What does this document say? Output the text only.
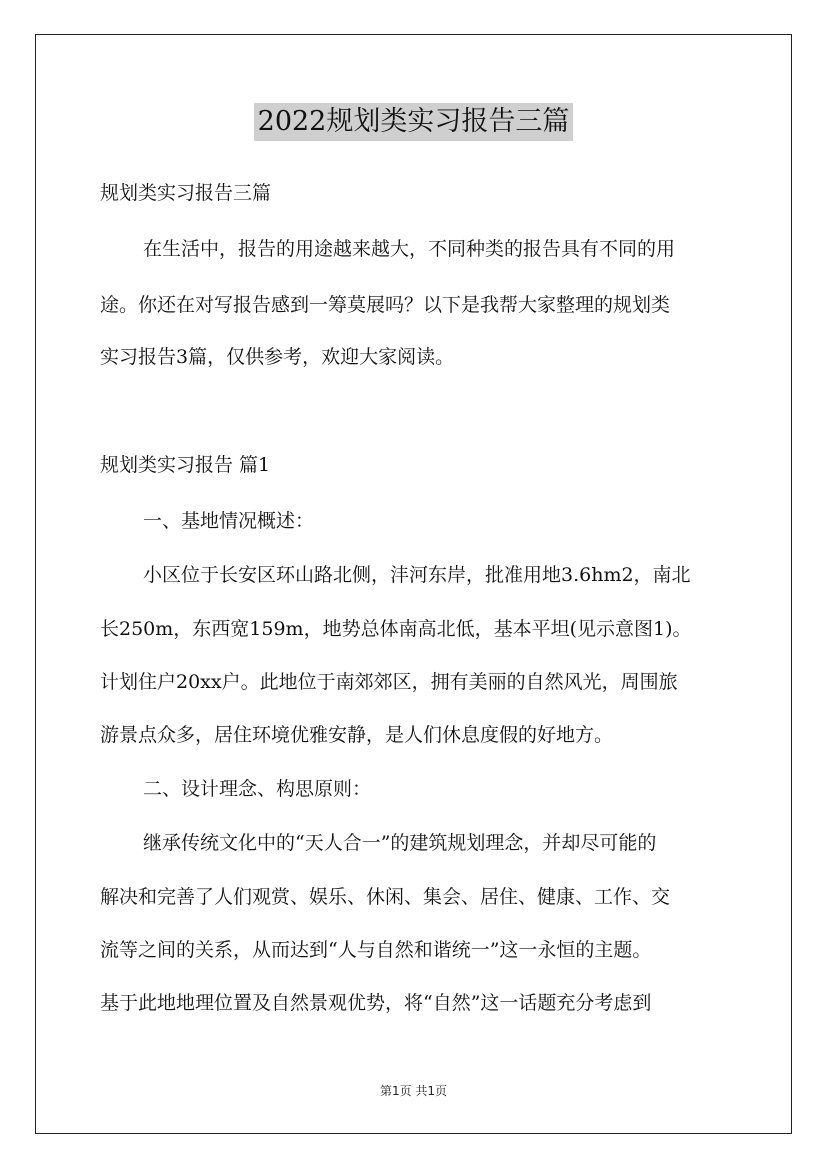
2022规划类实习报告三篇
规划类实习报告三篇
在生活中，报告的用途越来越大，不同种类的报告具有不同的用
途。你还在对写报告感到一筹莫展吗？以下是我帮大家整理的规划类
实习报告3篇，仅供参考，欢迎大家阅读。
规划类实习报告 篇1
一、基地情况概述：
小区位于长安区环山路北侧，沣河东岸，批准用地3.6hm2，南北
长250m，东西宽159m，地势总体南高北低，基本平坦(见示意图1)。
计划住户20xx户。此地位于南郊郊区，拥有美丽的自然风光，周围旅
游景点众多，居住环境优雅安静，是人们休息度假的好地方。
二、设计理念、构思原则：
继承传统文化中的“天人合一”的建筑规划理念，并却尽可能的
解决和完善了人们观赏、娱乐、休闲、集会、居住、健康、工作、交
流等之间的关系，从而达到“人与自然和谐统一”这一永恒的主题。
基于此地地理位置及自然景观优势，将“自然”这一话题充分考虑到
第1页 共1页
